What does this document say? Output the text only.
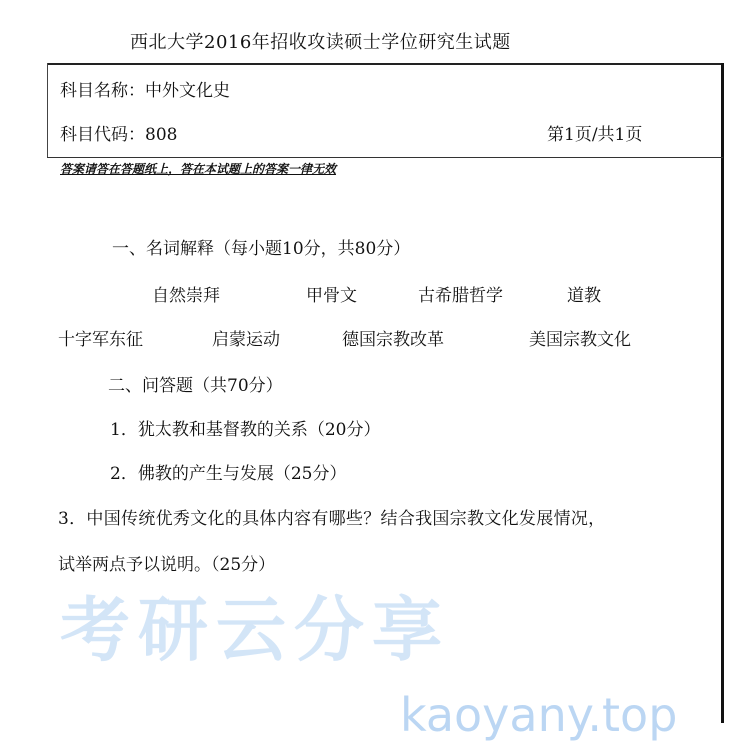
西北大学2016年招收攻读硕士学位研究生试题
科目名称：中外文化史
科目代码：808	第1页/共1页
答案请答在答题纸上，答在本试题上的答案一律无效
一、名词解释（每小题10分，共80分）
自然崇拜	甲骨文	古希腊哲学	道教
十字军东征	启蒙运动	德国宗教改革	美国宗教文化
二、问答题（共70分）
1．犹太教和基督教的关系（20分）
2．佛教的产生与发展（25分）
3．中国传统优秀文化的具体内容有哪些？结合我国宗教文化发展情况，
试举两点予以说明。（25分）
考研云分享
kaoyany.top
